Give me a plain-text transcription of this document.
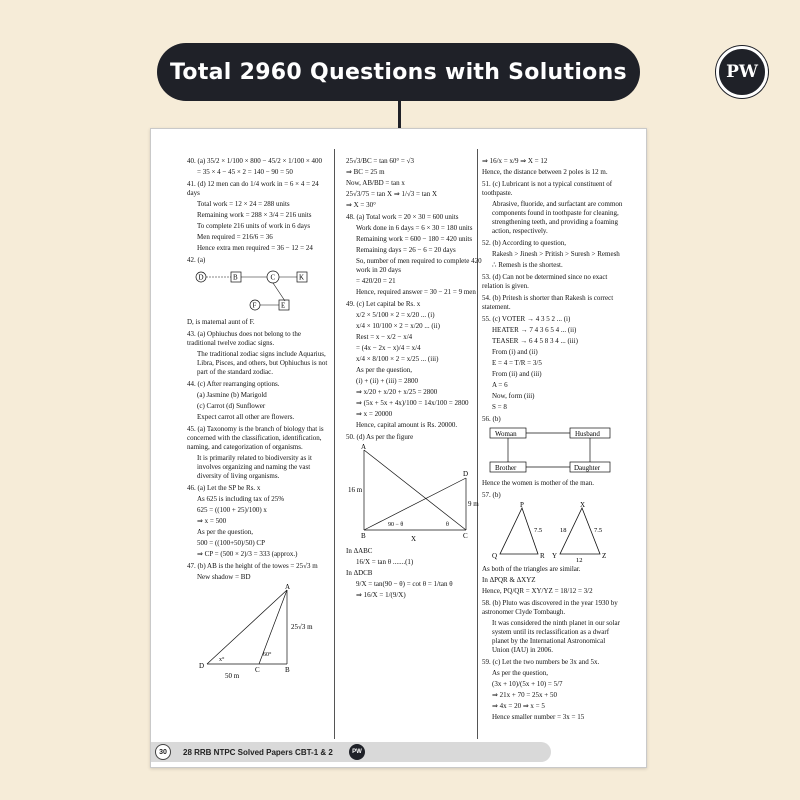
Total 2960 Questions with Solutions	PW

40. (a) 35/2 × 1/100 × 800 − 45/2 × 1/100 × 400

= 35 × 4 − 45 × 2 = 140 − 90 = 50

41. (d) 12 men can do 1/4 work in = 6 × 4 = 24 days

Total work = 12 × 24 = 288 units

Remaining work = 288 × 3/4 = 216 units

To complete 216 units of work in 6 days

Men required = 216/6 = 36

Hence extra men required = 36 − 12 = 24

42. (a)

D	B	C	K
F	E

D, is maternal aunt of F.

43. (a) Ophiuchus does not belong to the traditional twelve zodiac signs.

The traditional zodiac signs include Aquarius, Libra, Pisces, and others, but Ophiuchus is not part of the standard zodiac.

44. (c) After rearranging options.

(a) Jasmine (b) Marigold

(c) Carrot (d) Sunflower

Expect carrot all other are flowers.

45. (a) Taxonomy is the branch of biology that is concerned with the classification, identification, naming, and categorization of organisms.

It is primarily related to biodiversity as it involves organizing and naming the vast diversity of living organisms.

46. (a) Let the SP be Rs. x

As 625 is including tax of 25%

625 = ((100 + 25)/100) x

⇒ x = 500

As per the question,

500 = ((100+50)/50) CP

⇒ CP = (500 × 2)/3 = 333 (approx.)

47. (b) AB is the height of the towes = 25√3 m

New shadow = BD

A
D	C	B
x°
60°
25√3 m
50 m

25√3/BC = tan 60° = √3

⇒ BC = 25 m

Now, AB/BD = tan x

25√3/75 = tan X ⇒ 1/√3 = tan X

⇒ X = 30°

48. (a) Total work = 20 × 30 = 600 units

Work done in 6 days = 6 × 30 = 180 units

Remaining work = 600 − 180 = 420 units

Remaining days = 26 − 6 = 20 days

So, number of men required to complete 420 work in 20 days

= 420/20 = 21

Hence, required answer = 30 − 21 = 9 men

49. (c) Let capital be Rs. x

x/2 × 5/100 × 2 = x/20 ... (i)

x/4 × 10/100 × 2 = x/20 ... (ii)

Rest = x − x/2 − x/4

= (4x − 2x − x)/4 = x/4

x/4 × 8/100 × 2 = x/25 ... (iii)

As per the question,

(i) + (ii) + (iii) = 2800

⇒ x/20 + x/20 + x/25 = 2800

⇒ (5x + 5x + 4x)/100 = 14x/100 = 2800

⇒ x = 20000

Hence, capital amount is Rs. 20000.

50. (d) As per the figure

A
D
B	C
16 m
9 m
90 − θ	θ
X

In ΔABC

16/X = tan θ .......(1)

In ΔDCB

9/X = tan(90 − θ) = cot θ = 1/tan θ

⇒ 16/X = 1/(9/X)

⇒ 16/x = x/9 ⇒ X = 12

Hence, the distance between 2 poles is 12 m.

51. (c) Lubricant is not a typical constituent of toothpaste.

Abrasive, fluoride, and surfactant are common components found in toothpaste for cleaning, strengthening teeth, and providing a foaming action, respectively.

52. (b) According to question,

Rakesh > Jinesh > Pritish > Suresh > Remesh

∴ Remesh is the shortest.

53. (d) Can not be determined since no exact relation is given.

54. (b) Pritesh is shorter than Rakesh is correct statement.

55. (c) VOTER → 4 3 5 2 ... (i)

HEATER → 7 4 3 6 5 4 ... (ii)

TEASER → 6 4 5 8 3 4 ... (iii)

From (i) and (ii)

E = 4 = T/R = 3/5

From (ii) and (iii)

A = 6

Now, form (iii)

S = 8

56. (b)

Woman	Husband
Brother	Daughter

Hence the women is mother of the man.

57. (b)

P
Q	R
7.5
X
Y	Z
18	7.5
12

As both of the triangles are similar.

In ΔPQR & ΔXYZ

Hence, PQ/QR = XY/YZ = 18/12 = 3/2

58. (b) Pluto was discovered in the year 1930 by astronomer Clyde Tombaugh.

It was considered the ninth planet in our solar system until its reclassification as a dwarf planet by the International Astronomical Union (IAU) in 2006.

59. (c) Let the two numbers be 3x and 5x.

As per the question,

(3x + 10)/(5x + 10) = 5/7

⇒ 21x + 70 = 25x + 50

⇒ 4x = 20 ⇒ x = 5

Hence smaller number = 3x = 15

30	28 RRB NTPC Solved Papers CBT-1 & 2	PW
